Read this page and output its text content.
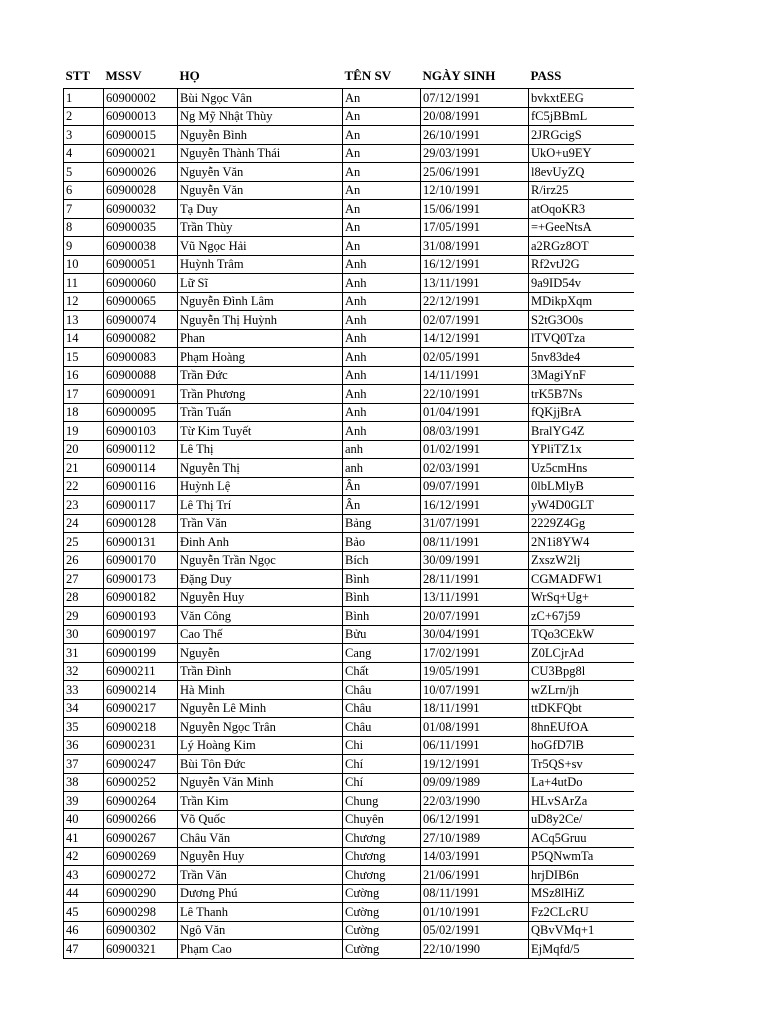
STT	MSSV	HỌ	TÊN SV	NGÀY SINH	PASS
1	60900002	Bùi Ngọc Vân	An	07/12/1991	bvkxtEEG
2	60900013	Ng Mỹ Nhật Thùy	An	20/08/1991	fC5jBBmL
3	60900015	Nguyễn Bình	An	26/10/1991	2JRGcigS
4	60900021	Nguyễn Thành Thái	An	29/03/1991	UkO+u9EY
5	60900026	Nguyễn Văn	An	25/06/1991	l8evUyZQ
6	60900028	Nguyễn Văn	An	12/10/1991	R/irz25
7	60900032	Tạ Duy	An	15/06/1991	atOqoKR3
8	60900035	Trần Thùy	An	17/05/1991	=+GeeNtsA
9	60900038	Vũ Ngọc Hải	An	31/08/1991	a2RGz8OT
10	60900051	Huỳnh Trâm	Anh	16/12/1991	Rf2vtJ2G
11	60900060	Lữ Sĩ	Anh	13/11/1991	9a9ID54v
12	60900065	Nguyễn Đình Lâm	Anh	22/12/1991	MDikpXqm
13	60900074	Nguyễn Thị Huỳnh	Anh	02/07/1991	S2tG3O0s
14	60900082	Phan	Anh	14/12/1991	lTVQ0Tza
15	60900083	Phạm Hoàng	Anh	02/05/1991	5nv83de4
16	60900088	Trần Đức	Anh	14/11/1991	3MagiYnF
17	60900091	Trần Phương	Anh	22/10/1991	trK5B7Ns
18	60900095	Trần Tuấn	Anh	01/04/1991	fQKjjBrA
19	60900103	Từ Kim Tuyết	Anh	08/03/1991	BralYG4Z
20	60900112	Lê Thị	anh	01/02/1991	YPliTZ1x
21	60900114	Nguyễn Thị	anh	02/03/1991	Uz5cmHns
22	60900116	Huỳnh Lệ	Ân	09/07/1991	0lbLMlyB
23	60900117	Lê Thị Trí	Ân	16/12/1991	yW4D0GLT
24	60900128	Trần Văn	Bảng	31/07/1991	2229Z4Gg
25	60900131	Đinh Anh	Bảo	08/11/1991	2N1i8YW4
26	60900170	Nguyễn Trần Ngọc	Bích	30/09/1991	ZxszW2lj
27	60900173	Đặng Duy	Bình	28/11/1991	CGMADFW1
28	60900182	Nguyễn Huy	Bình	13/11/1991	WrSq+Ug+
29	60900193	Văn Công	Bình	20/07/1991	zC+67j59
30	60900197	Cao Thế	Bửu	30/04/1991	TQo3CEkW
31	60900199	Nguyễn	Cang	17/02/1991	Z0LCjrAd
32	60900211	Trần Đình	Chất	19/05/1991	CU3Bpg8l
33	60900214	Hà Minh	Châu	10/07/1991	wZLrn/jh
34	60900217	Nguyễn Lê Minh	Châu	18/11/1991	ttDKFQbt
35	60900218	Nguyễn Ngọc Trân	Châu	01/08/1991	8hnEUfOA
36	60900231	Lý Hoàng Kim	Chi	06/11/1991	hoGfD7lB
37	60900247	Bùi Tôn Đức	Chí	19/12/1991	Tr5QS+sv
38	60900252	Nguyễn Văn Minh	Chí	09/09/1989	La+4utDo
39	60900264	Trần Kim	Chung	22/03/1990	HLvSArZa
40	60900266	Võ Quốc	Chuyên	06/12/1991	uD8y2Ce/
41	60900267	Châu Văn	Chương	27/10/1989	ACq5Gruu
42	60900269	Nguyễn Huy	Chương	14/03/1991	P5QNwmTa
43	60900272	Trần Văn	Chương	21/06/1991	hrjDIB6n
44	60900290	Dương Phú	Cường	08/11/1991	MSz8lHiZ
45	60900298	Lê Thanh	Cường	01/10/1991	Fz2CLcRU
46	60900302	Ngô Văn	Cường	05/02/1991	QBvVMq+1
47	60900321	Phạm Cao	Cường	22/10/1990	EjMqfd/5
